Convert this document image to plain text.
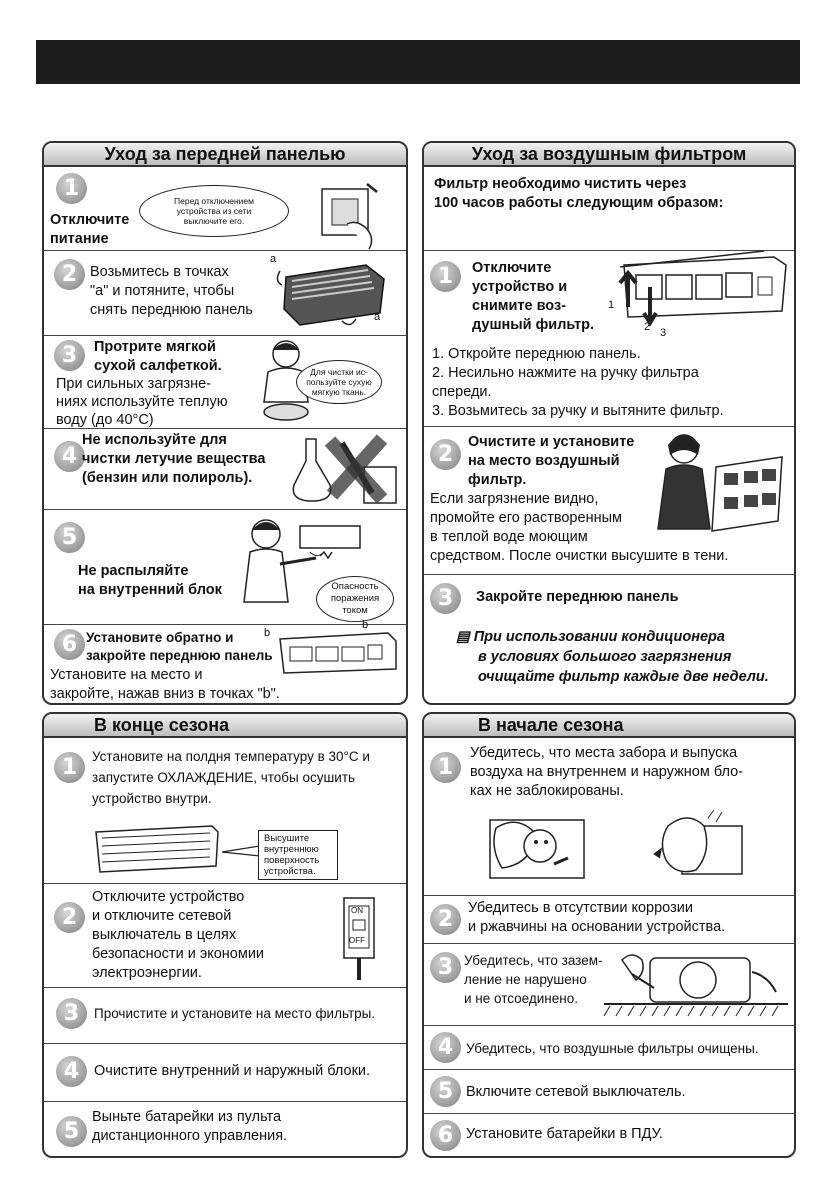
Уход за передней панелью
1
Отключите
питание
Перед отключением устройства из сети выключите его.
2 Возьмитесь в точках
"а" и потяните, чтобы
снять переднюю панель
a
a
3	Протрите мягкой
сухой салфеткой.
При сильных загрязне-
ниях используйте теплую
воду (до 40°С)
Для чистки ис-пользуйте сухую мягкую ткань.
4
Не используйте для
чистки летучие вещества
(бензин или полироль).
5
Не распыляйте
на внутренний блок	Опасность поражения током
6 Установите обратно и
закройте переднюю панель
Установите на место и
закройте, нажав вниз в точках "b".
b
b
Уход за воздушным фильтром
Фильтр необходимо чистить через
100 часов работы следующим образом:
1	Отключите
устройство и
снимите воз-
душный фильтр.
1
2 3
1. Откройте переднюю панель.
2. Несильно нажмите на ручку фильтра
спереди.
3. Возьмитесь за ручку и вытяните фильтр.
2	Очистите и установите
на место воздушный
фильтр.
Если загрязнение видно,
промойте его растворенным
в теплой воде моющим
средством. После очистки высушите в тени.
3	Закройте переднюю панель
▤ При использовании кондиционера
в условиях большого загрязнения
очищайте фильтр каждые две недели.
В конце сезона
1	Установите на полдня температуру в 30°С и
запустите ОХЛАЖДЕНИЕ, чтобы осушить
устройство внутри.
Высушите внутреннюю поверхность устройства.
2
Отключите устройство
и отключите сетевой
выключатель в целях
безопасности и экономии
электроэнергии.
ON
OFF
3	Прочистите и установите на место фильтры.
4	Очистите внутренний и наружный блоки.
5
Выньте батарейки из пульта
дистанционного управления.
В начале сезона
1
Убедитесь, что места забора и выпуска
воздуха на внутреннем и наружном бло-
ках не заблокированы.
2	Убедитесь в отсутствии коррозии
и ржавчины на основании устройства.
3 Убедитесь, что зазем-
ление не нарушено
и не отсоединено.
4 Убедитесь, что воздушные фильтры очищены.
5 Включите сетевой выключатель.
6 Установите батарейки в ПДУ.
